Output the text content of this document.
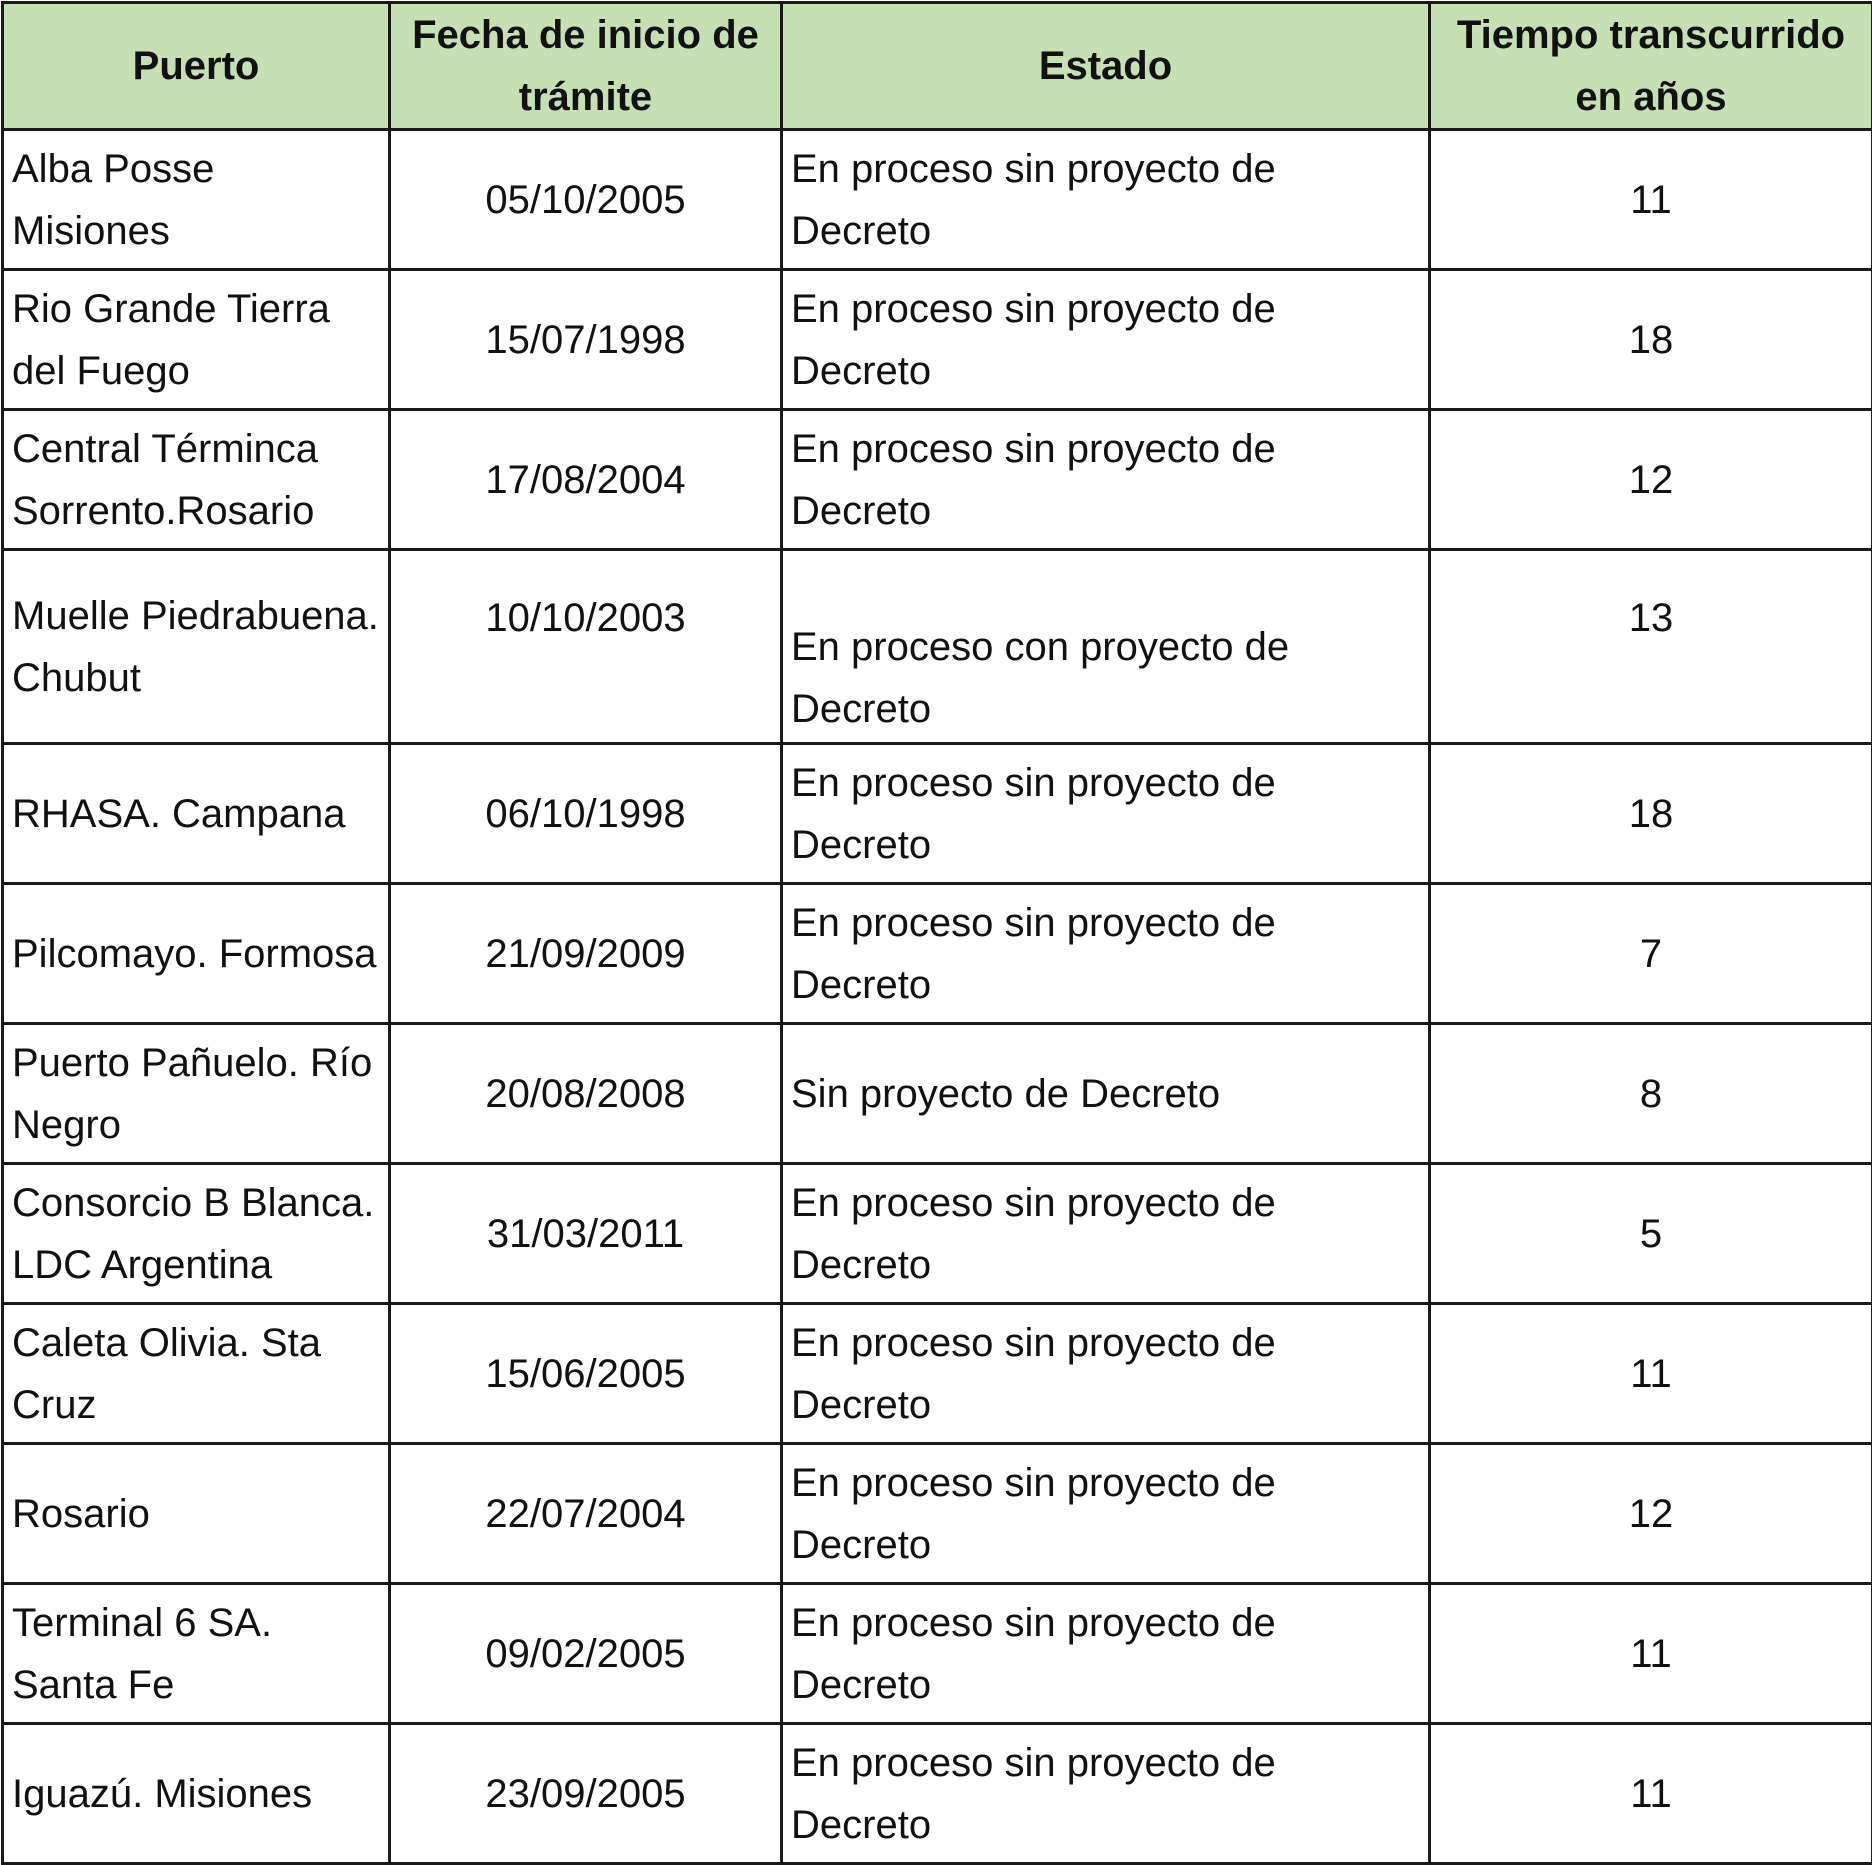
Puerto	Fecha de inicio de trámite	Estado	Tiempo transcurrido en años
Alba Posse Misiones	05/10/2005	En proceso sin proyecto de Decreto	11
Rio Grande Tierra del Fuego	15/07/1998	En proceso sin proyecto de Decreto	18
Central Términca Sorrento.Rosario	17/08/2004	En proceso sin proyecto de Decreto	12
Muelle Piedrabuena. Chubut	10/10/2003	En proceso con proyecto de Decreto	13
RHASA. Campana	06/10/1998	En proceso sin proyecto de Decreto	18
Pilcomayo. Formosa	21/09/2009	En proceso sin proyecto de Decreto	7
Puerto Pañuelo. Río Negro	20/08/2008	Sin proyecto de Decreto	8
Consorcio B Blanca. LDC Argentina	31/03/2011	En proceso sin proyecto de Decreto	5
Caleta Olivia. Sta Cruz	15/06/2005	En proceso sin proyecto de Decreto	11
Rosario	22/07/2004	En proceso sin proyecto de Decreto	12
Terminal 6 SA. Santa Fe	09/02/2005	En proceso sin proyecto de Decreto	11
Iguazú. Misiones	23/09/2005	En proceso sin proyecto de Decreto	11
